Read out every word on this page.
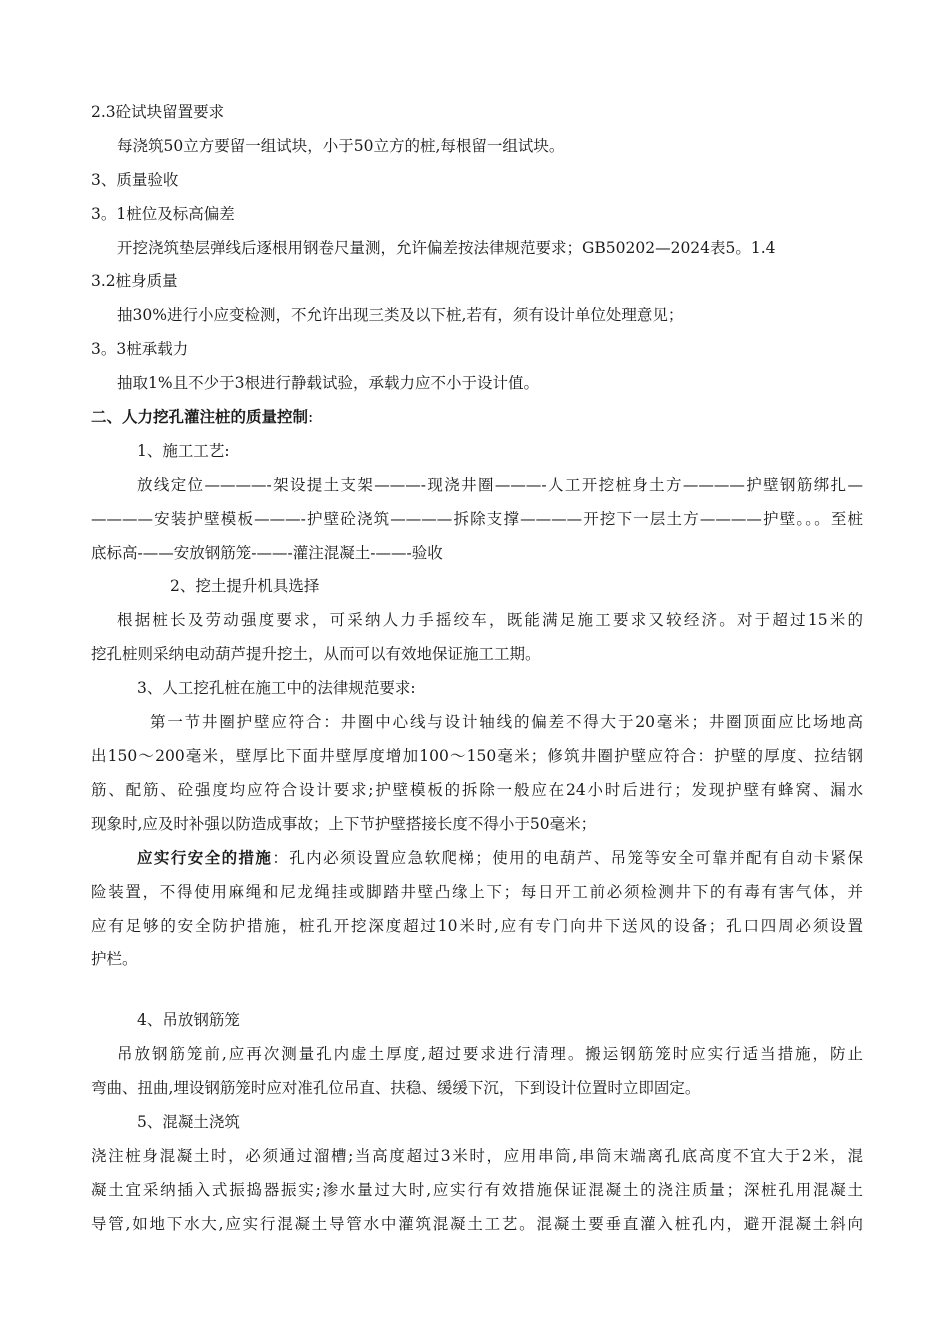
2.3砼试块留置要求
每浇筑50立方要留一组试块，小于50立方的桩,每根留一组试块。
3、质量验收
3。1桩位及标高偏差
开挖浇筑垫层弹线后逐根用钢卷尺量测，允许偏差按法律规范要求；GB50202—2024表5。1.4
3.2桩身质量
抽30%进行小应变检测，不允许出现三类及以下桩,若有，须有设计单位处理意见；
3。3桩承载力
抽取1%且不少于3根进行静载试验，承载力应不小于设计值。
二、人力挖孔灌注桩的质量控制:
1、施工工艺:
放线定位————-架设提土支架———-现浇井圈———-人工开挖桩身土方————护壁钢筋绑扎—
————安装护壁模板———-护壁砼浇筑————拆除支撑————开挖下一层土方————护壁。。。至桩
底标高-——安放钢筋笼-——-灌注混凝土-——-验收
2、挖土提升机具选择
根据桩长及劳动强度要求，可采纳人力手摇绞车，既能满足施工要求又较经济。对于超过15米的
挖孔桩则采纳电动葫芦提升挖土，从而可以有效地保证施工工期。
3、人工挖孔桩在施工中的法律规范要求:
第一节井圈护壁应符合：井圈中心线与设计轴线的偏差不得大于20毫米；井圈顶面应比场地高
出150～200毫米，壁厚比下面井壁厚度增加100～150毫米；修筑井圈护壁应符合：护壁的厚度、拉结钢
筋、配筋、砼强度均应符合设计要求;护壁模板的拆除一般应在24小时后进行；发现护壁有蜂窝、漏水
现象时,应及时补强以防造成事故；上下节护壁搭接长度不得小于50毫米；
应实行安全的措施：孔内必须设置应急软爬梯；使用的电葫芦、吊笼等安全可靠并配有自动卡紧保
险装置，不得使用麻绳和尼龙绳挂或脚踏井壁凸缘上下；每日开工前必须检测井下的有毒有害气体，并
应有足够的安全防护措施，桩孔开挖深度超过10米时,应有专门向井下送风的设备；孔口四周必须设置
护栏。
4、吊放钢筋笼
吊放钢筋笼前,应再次测量孔内虚土厚度,超过要求进行清理。搬运钢筋笼时应实行适当措施，防止
弯曲、扭曲,埋设钢筋笼时应对准孔位吊直、扶稳、缓缓下沉，下到设计位置时立即固定。
5、混凝土浇筑
浇注桩身混凝土时，必须通过溜槽;当高度超过3米时，应用串筒,串筒末端离孔底高度不宜大于2米，混
凝土宜采纳插入式振捣器振实;渗水量过大时,应实行有效措施保证混凝土的浇注质量；深桩孔用混凝土
导管,如地下水大,应实行混凝土导管水中灌筑混凝土工艺。混凝土要垂直灌入桩孔内，避开混凝土斜向
